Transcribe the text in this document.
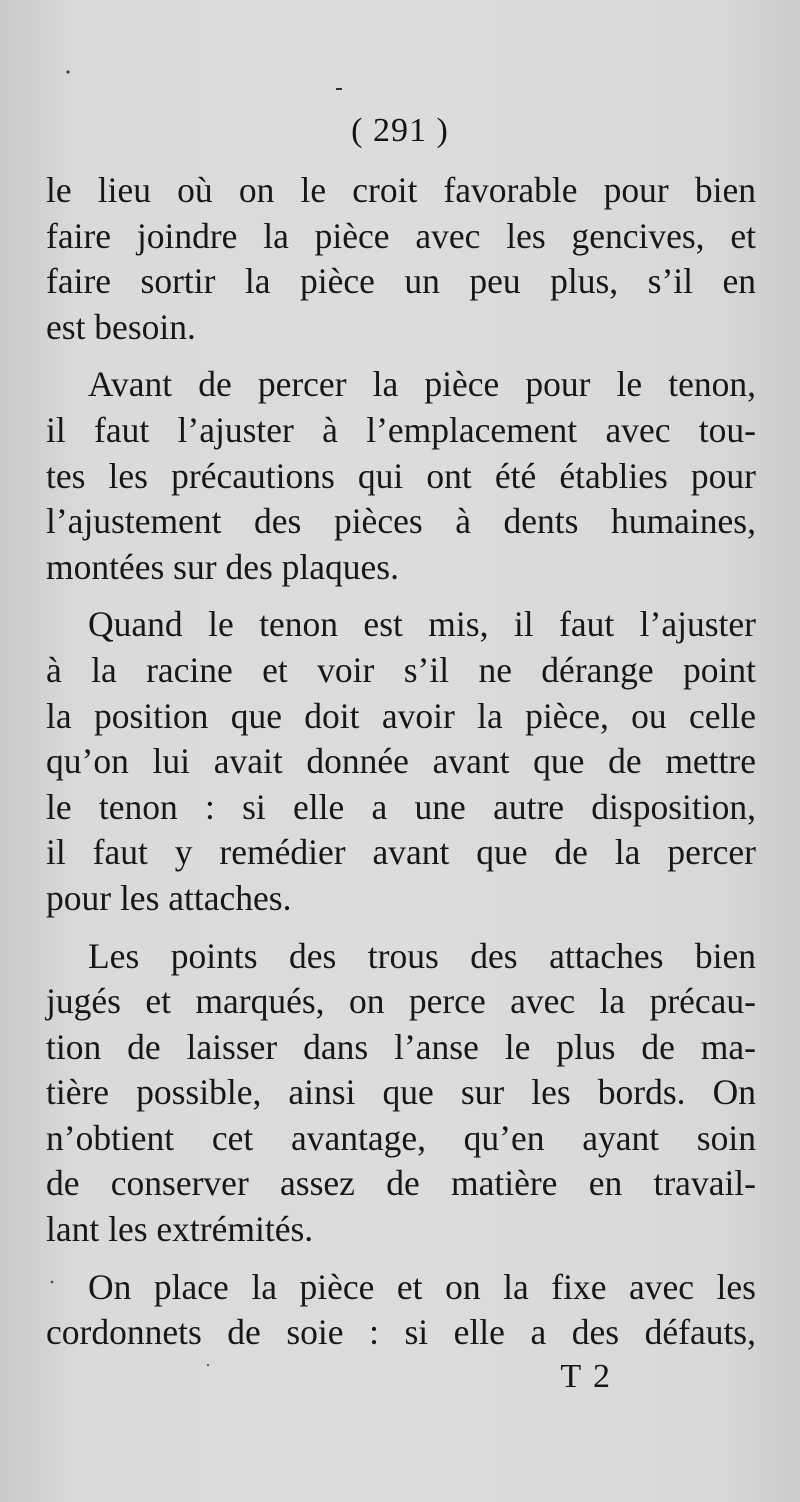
( 291 )
le lieu où on le croit favorable pour bien
faire joindre la pièce avec les gencives, et
faire sortir la pièce un peu plus, s’il en
est besoin.
Avant de percer la pièce pour le tenon,
il faut l’ajuster à l’emplacement avec tou-
tes les précautions qui ont été établies pour
l’ajustement des pièces à dents humaines,
montées sur des plaques.
Quand le tenon est mis, il faut l’ajuster
à la racine et voir s’il ne dérange point
la position que doit avoir la pièce, ou celle
qu’on lui avait donnée avant que de mettre
le tenon : si elle a une autre disposition,
il faut y remédier avant que de la percer
pour les attaches.
Les points des trous des attaches bien
jugés et marqués, on perce avec la précau-
tion de laisser dans l’anse le plus de ma-
tière possible, ainsi que sur les bords. On
n’obtient cet avantage, qu’en ayant soin
de conserver assez de matière en travail-
lant les extrémités.
On place la pièce et on la fixe avec les
cordonnets de soie : si elle a des défauts,
T 2
